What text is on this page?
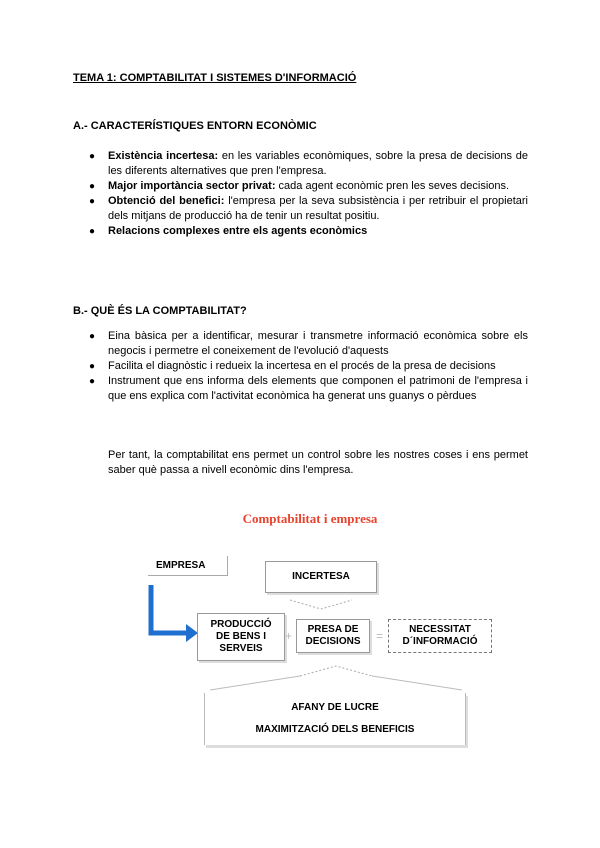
TEMA 1: COMPTABILITAT I SISTEMES D'INFORMACIÓ
A.- CARACTERÍSTIQUES ENTORN ECONÒMIC
● Existència incertesa: en les variables econòmiques, sobre la presa de decisions de les diferents alternatives que pren l'empresa.
● Major importància sector privat: cada agent econòmic pren les seves decisions.
● Obtenció del benefici: l'empresa per la seva subsistència i per retribuir el propietari dels mitjans de producció ha de tenir un resultat positiu.
● Relacions complexes entre els agents econòmics
B.- QUÈ ÉS LA COMPTABILITAT?
● Eina bàsica per a identificar, mesurar i transmetre informació econòmica sobre els negocis i permetre el coneixement de l'evolució d'aquests
● Facilita el diagnòstic i redueix la incertesa en el procés de la presa de decisions
● Instrument que ens informa dels elements que componen el patrimoni de l'empresa i que ens explica com l'activitat econòmica ha generat uns guanys o pèrdues

Per tant, la comptabilitat ens permet un control sobre les nostres coses i ens permet saber què passa a nivell econòmic dins l'empresa.

Comptabilitat i empresa
EMPRESA
INCERTESA
PRODUCCIÓ
DE BENS I
SERVEIS
+ PRESA DE
DECISIONS =	NECESSITAT
D´INFORMACIÓ
AFANY DE LUCRE
MAXIMITZACIÓ DELS BENEFICIS
